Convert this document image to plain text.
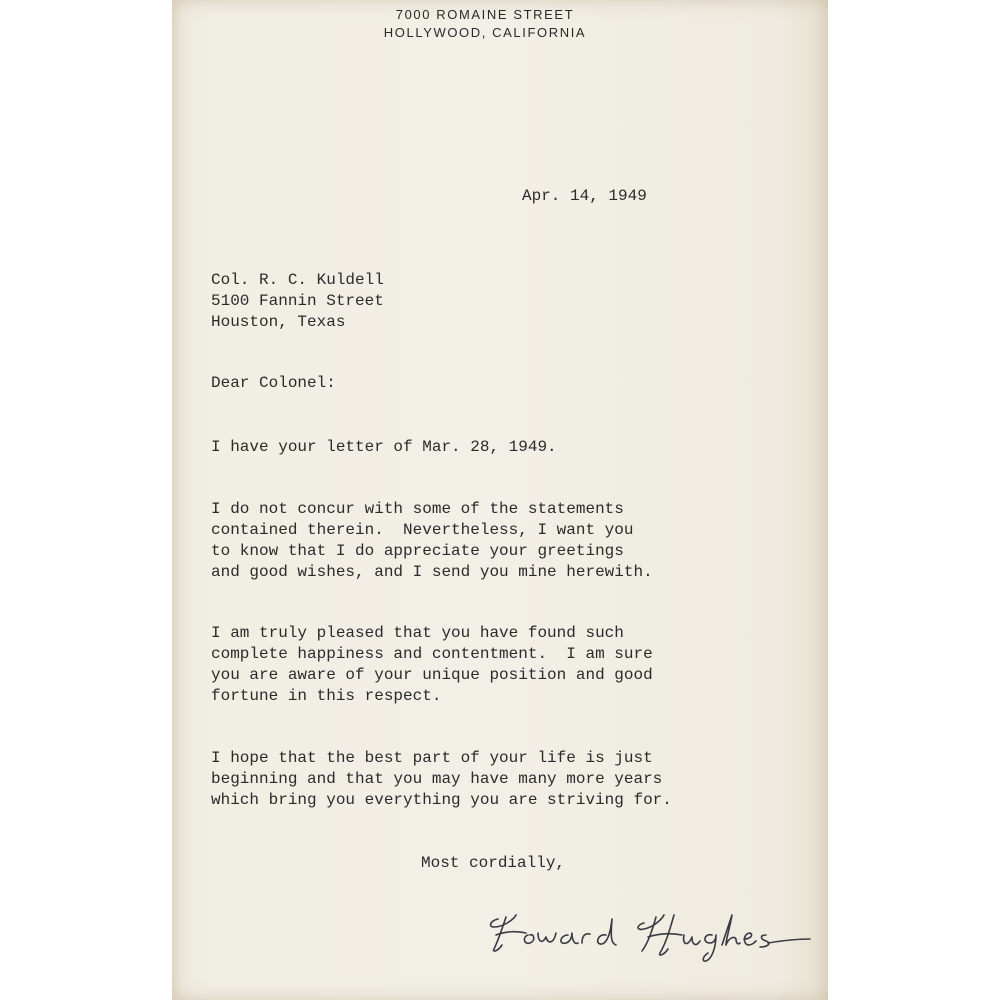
7000 ROMAINE STREET
HOLLYWOOD, CALIFORNIA
Apr. 14, 1949
Col. R. C. Kuldell
5100 Fannin Street
Houston, Texas
Dear Colonel:
I have your letter of Mar. 28, 1949.
I do not concur with some of the statements
contained therein.  Nevertheless, I want you
to know that I do appreciate your greetings
and good wishes, and I send you mine herewith.
I am truly pleased that you have found such
complete happiness and contentment.  I am sure
you are aware of your unique position and good
fortune in this respect.
I hope that the best part of your life is just
beginning and that you may have many more years
which bring you everything you are striving for.
Most cordially,
